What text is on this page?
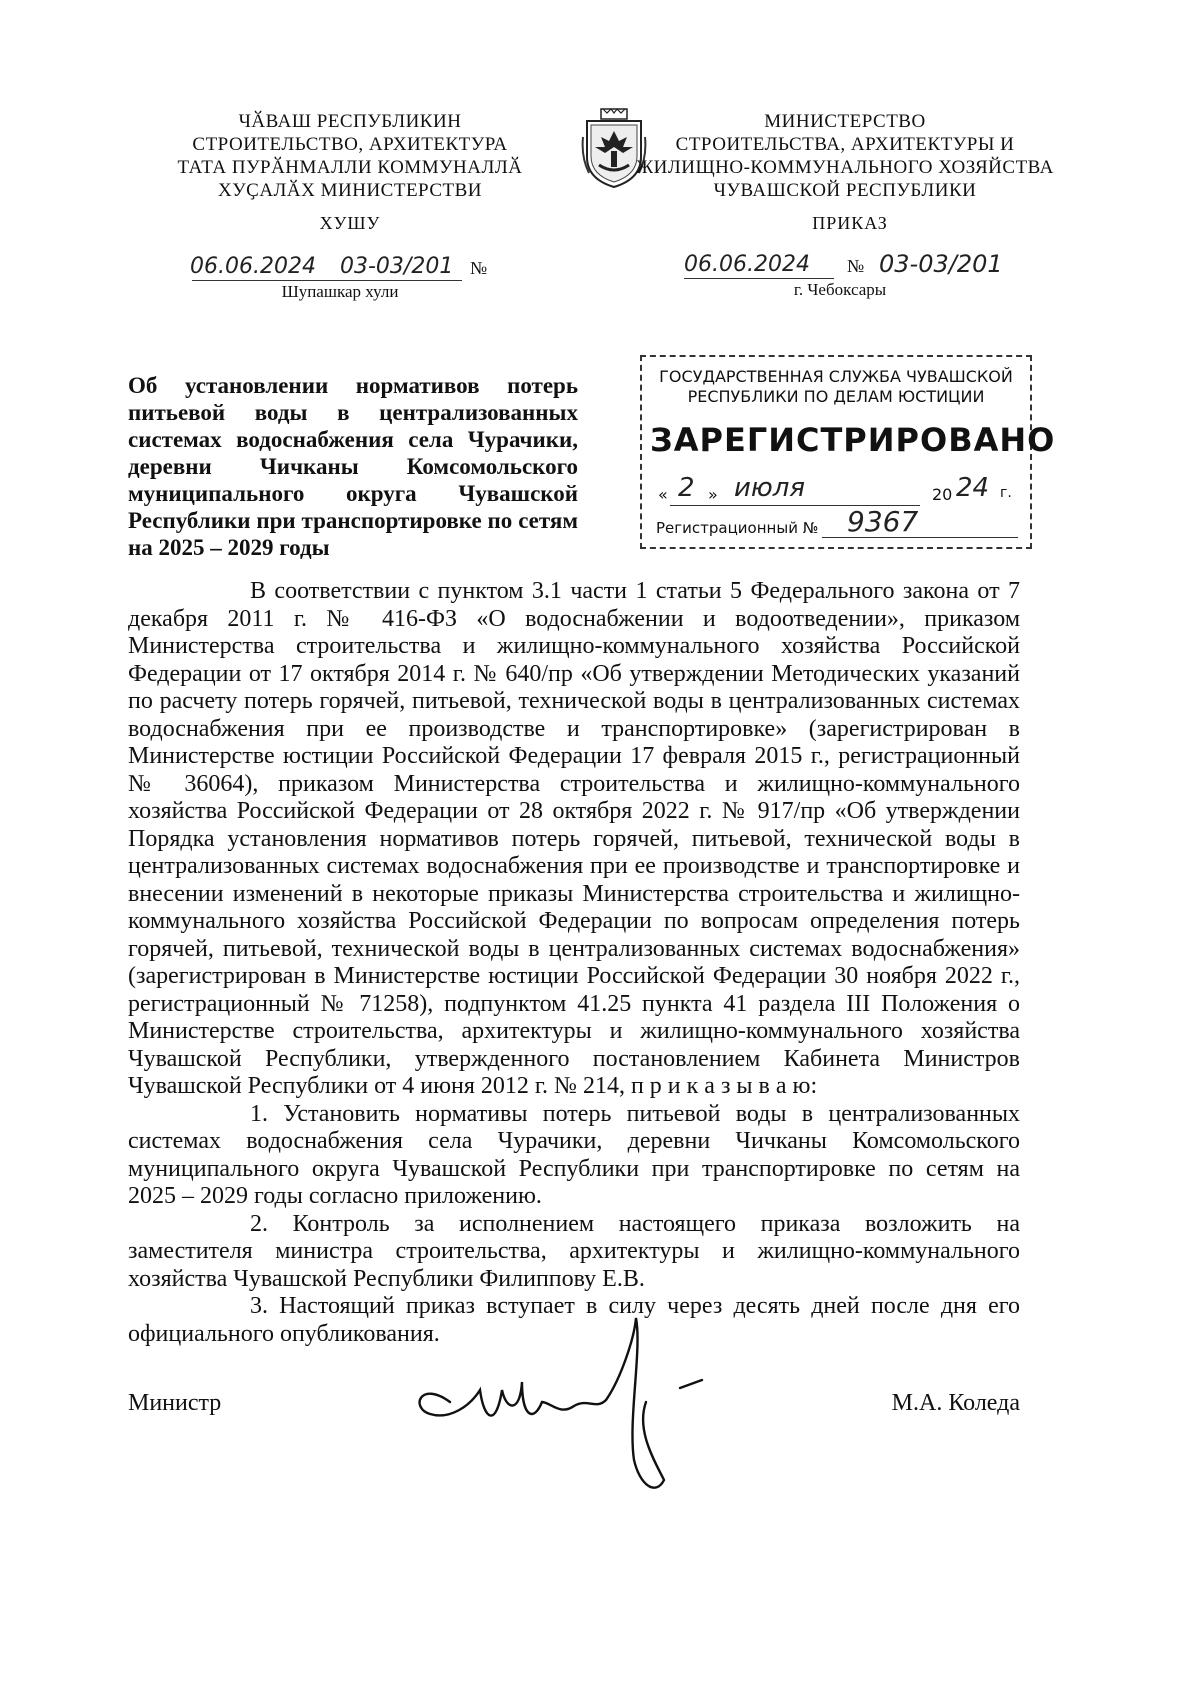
ЧӐВАШ РЕСПУБЛИКИН
СТРОИТЕЛЬСТВО, АРХИТЕКТУРА
ТАТА ПУРӐНМАЛЛИ КОММУНАЛЛӐ
ХУҪАЛӐХ МИНИСТЕРСТВИ
МИНИСТЕРСТВО
СТРОИТЕЛЬСТВА, АРХИТЕКТУРЫ И
ЖИЛИЩНО-КОММУНАЛЬНОГО ХОЗЯЙСТВА
ЧУВАШСКОЙ РЕСПУБЛИКИ
ХУШУ	ПРИКАЗ
06.06.2024 03-03/201 №
Шупашкар хули
06.06.2024 № 03-03/201
г. Чебоксары
Об установлении нормативов потерь питьевой воды в централизованных системах водоснабжения села Чурачики, деревни Чичканы Комсомольского муниципального округа Чувашской Республики при транспортировке по сетям на 2025 – 2029 годы
ГОСУДАРСТВЕННАЯ СЛУЖБА ЧУВАШСКОЙ
РЕСПУБЛИКИ ПО ДЕЛАМ ЮСТИЦИИ
ЗАРЕГИСТРИРОВАНО
« 2 » июля	20 24 г.
Регистрационный № 9367

В соответствии с пунктом 3.1 части 1 статьи 5 Федерального закона от 7 декабря 2011 г. № 416-ФЗ «О водоснабжении и водоотведении», приказом Министерства строительства и жилищно-коммунального хозяйства Российской Федерации от 17 октября 2014 г. № 640/пр «Об утверждении Методических указаний по расчету потерь горячей, питьевой, технической воды в централизованных системах водоснабжения при ее производстве и транспортировке» (зарегистрирован в Министерстве юстиции Российской Федерации 17 февраля 2015 г., регистрационный № 36064), приказом Министерства строительства и жилищно-коммунального хозяйства Российской Федерации от 28 октября 2022 г. № 917/пр «Об утверждении Порядка установления нормативов потерь горячей, питьевой, технической воды в централизованных системах водоснабжения при ее производстве и транспортировке и внесении изменений в некоторые приказы Министерства строительства и жилищно-коммунального хозяйства Российской Федерации по вопросам определения потерь горячей, питьевой, технической воды в централизованных системах водоснабжения» (зарегистрирован в Министерстве юстиции Российской Федерации 30 ноября 2022 г., регистрационный № 71258), подпунктом 41.25 пункта 41 раздела III Положения о Министерстве строительства, архитектуры и жилищно-коммунального хозяйства Чувашской Республики, утвержденного постановлением Кабинета Министров Чувашской Республики от 4 июня 2012 г. № 214, п р и к а з ы в а ю:

1. Установить нормативы потерь питьевой воды в централизованных системах водоснабжения села Чурачики, деревни Чичканы Комсомольского муниципального округа Чувашской Республики при транспортировке по сетям на 2025 – 2029 годы согласно приложению.

2. Контроль за исполнением настоящего приказа возложить на заместителя министра строительства, архитектуры и жилищно-коммунального хозяйства Чувашской Республики Филиппову Е.В.

3. Настоящий приказ вступает в силу через десять дней после дня его официального опубликования.

Министр	М.А. Коледа
